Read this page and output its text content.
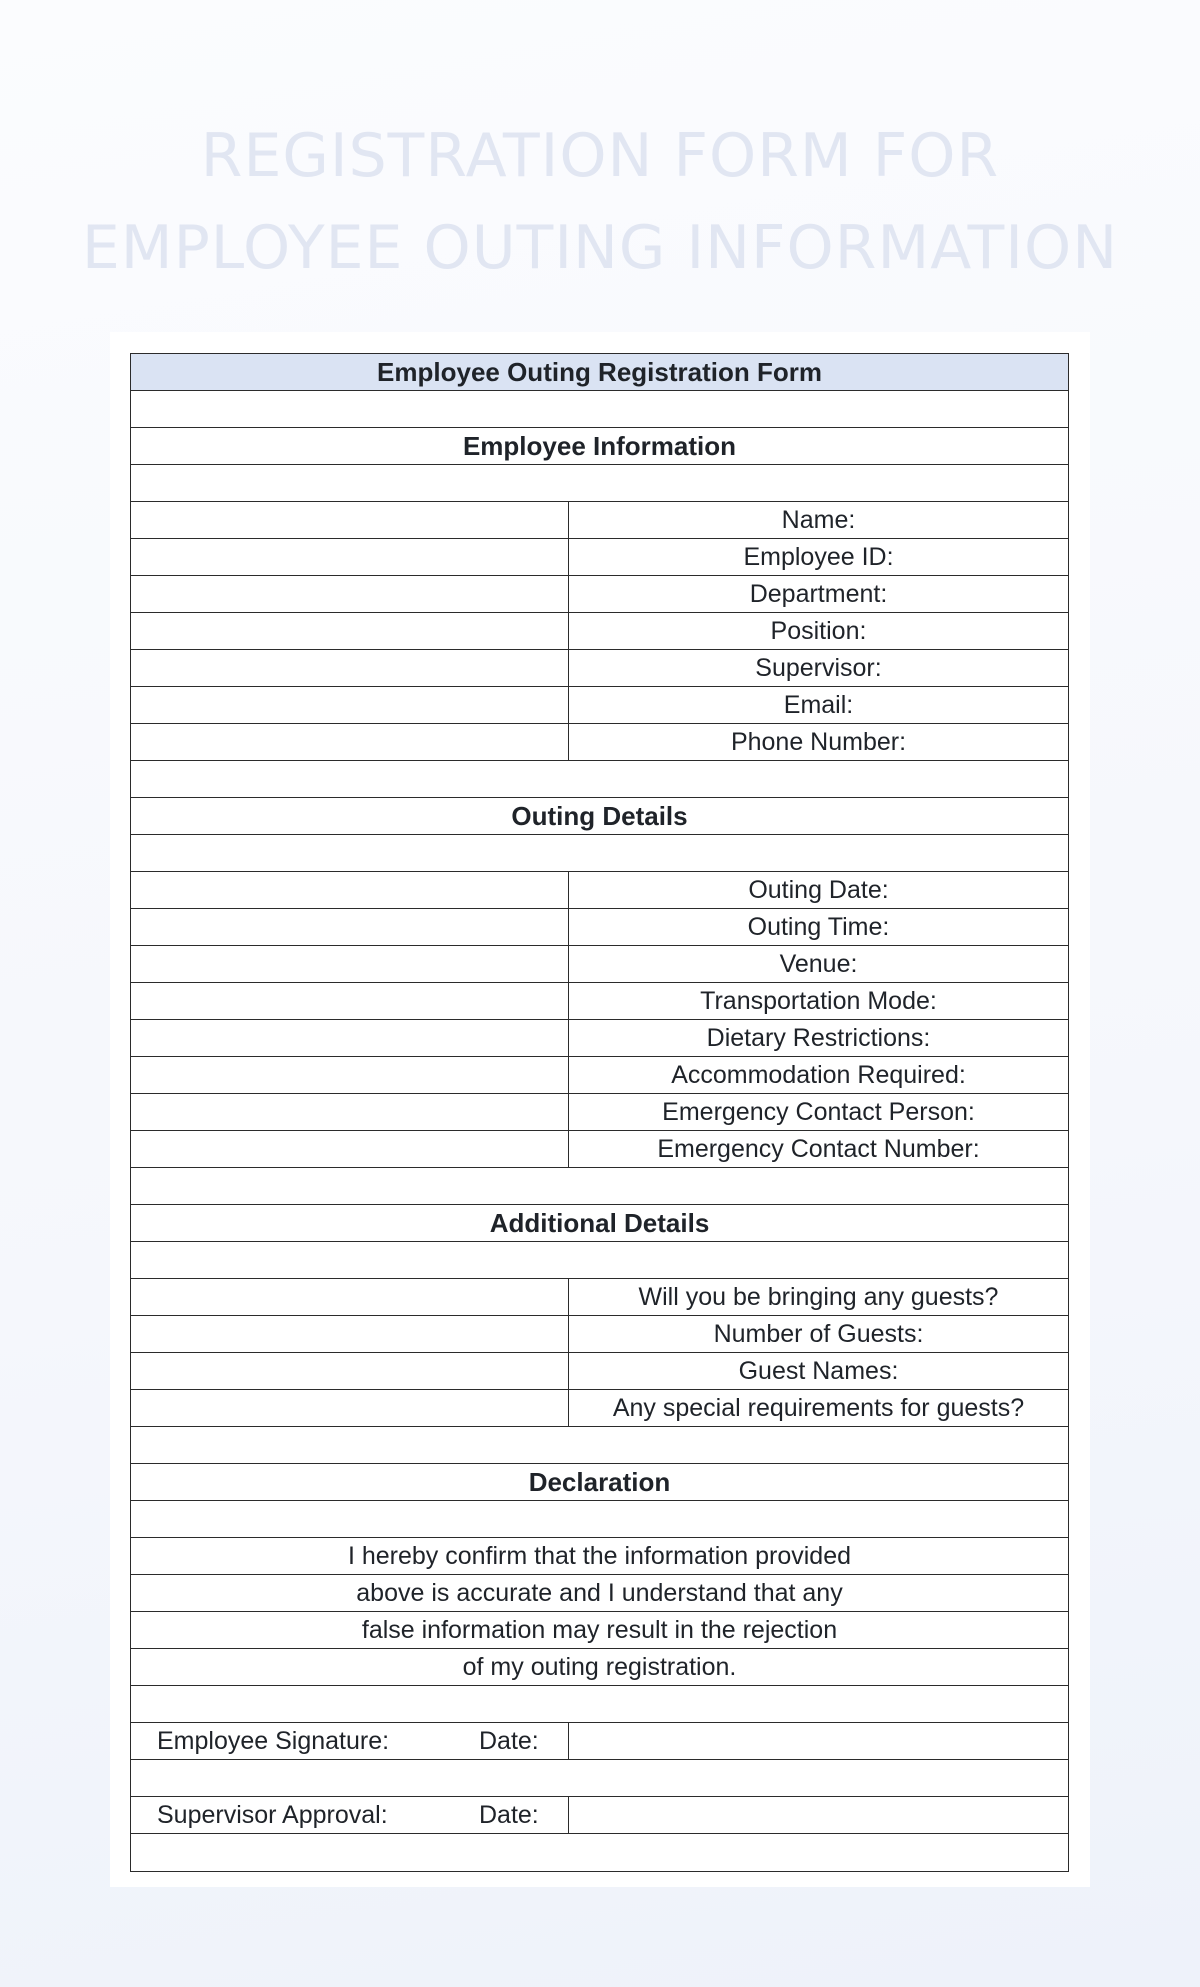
REGISTRATION FORM FOR
EMPLOYEE OUTING INFORMATION
Employee Outing Registration Form
Employee Information
Name:
Employee ID:
Department:
Position:
Supervisor:
Email:
Phone Number:
Outing Details
Outing Date:
Outing Time:
Venue:
Transportation Mode:
Dietary Restrictions:
Accommodation Required:
Emergency Contact Person:
Emergency Contact Number:
Additional Details
Will you be bringing any guests?
Number of Guests:
Guest Names:
Any special requirements for guests?
Declaration
I hereby confirm that the information provided
above is accurate and I understand that any
false information may result in the rejection
of my outing registration.
Employee Signature:	Date:
Supervisor Approval:	Date:
